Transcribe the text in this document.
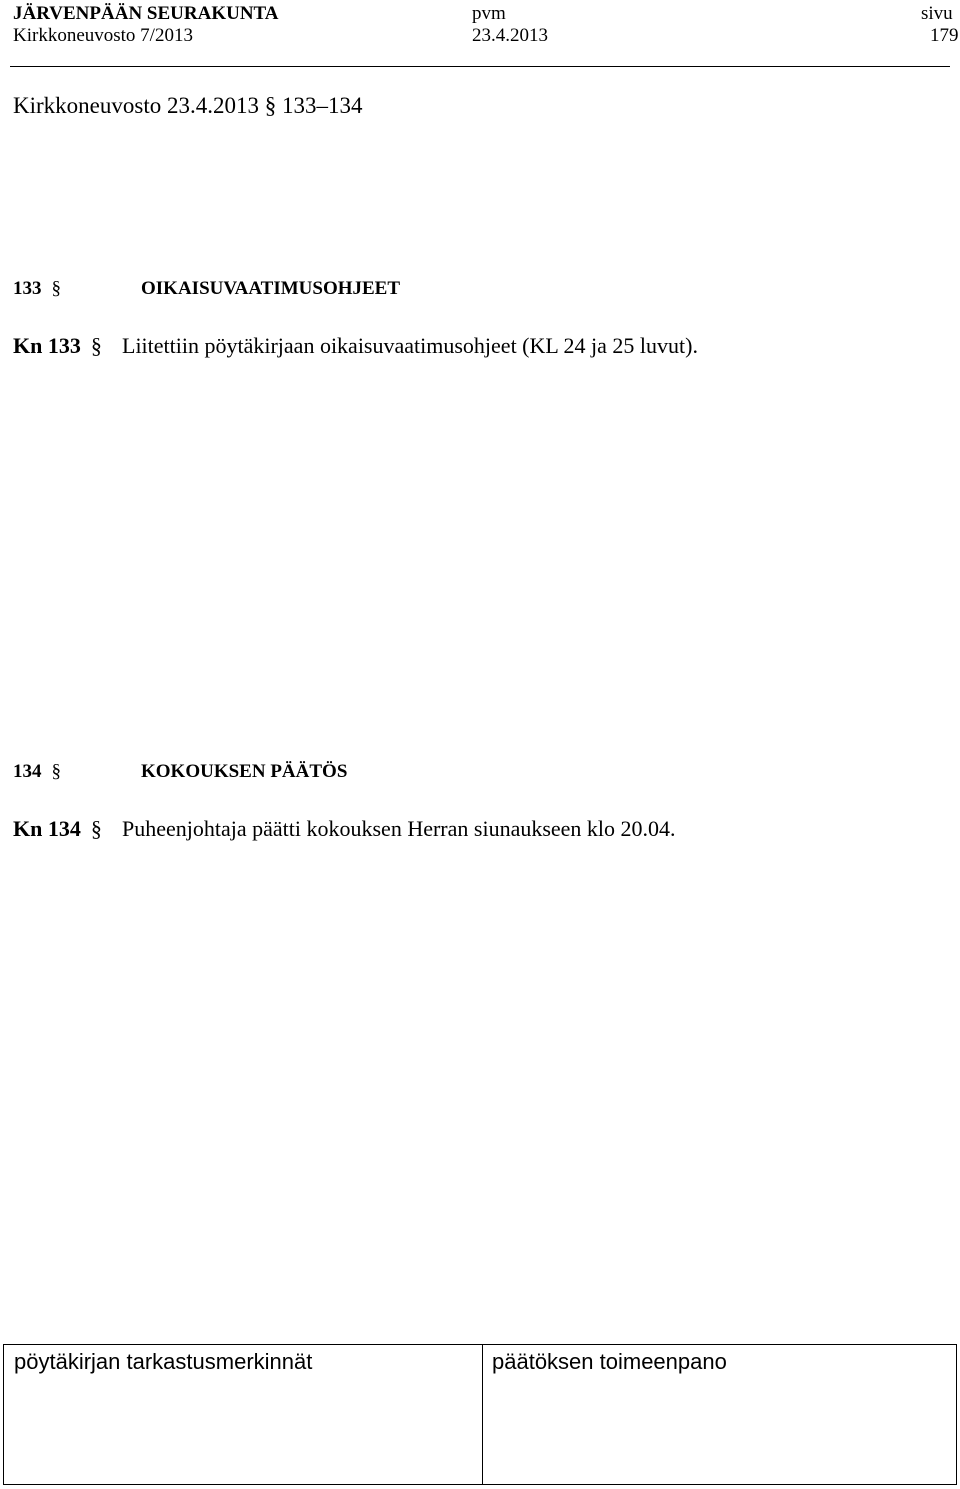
JÄRVENPÄÄN SEURAKUNTA	pvm	sivu
Kirkkoneuvosto 7/2013	23.4.2013	179
Kirkkoneuvosto 23.4.2013 § 133–134
133 §	OIKAISUVAATIMUSOHJEET
Kn 133 § Liitettiin pöytäkirjaan oikaisuvaatimusohjeet (KL 24 ja 25 luvut).
134 §	KOKOUKSEN PÄÄTÖS
Kn 134 § Puheenjohtaja päätti kokouksen Herran siunaukseen klo 20.04.
pöytäkirjan tarkastusmerkinnät	päätöksen toimeenpano
